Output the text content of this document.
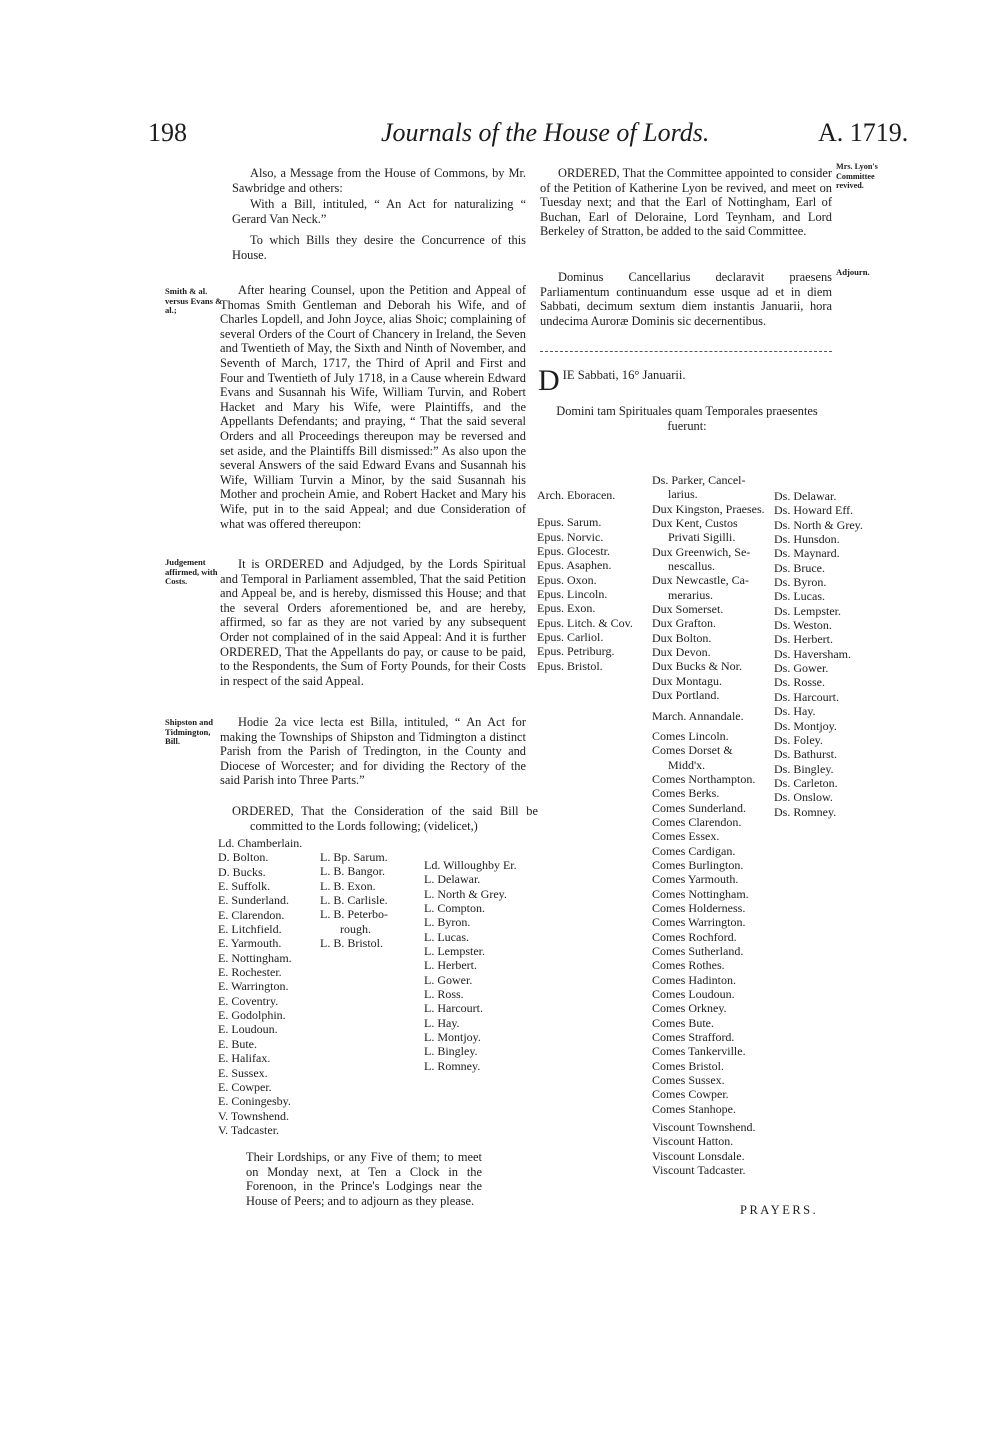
198	Journals of the House of Lords.	A. 1719.

Also, a Message from the House of Commons, by Mr. Sawbridge and others:

With a Bill, intituled, “ An Act for naturalizing “ Gerard Van Neck.”

To which Bills they desire the Concurrence of this House.

Smith & al. versus Evans & al.;

After hearing Counsel, upon the Petition and Appeal of Thomas Smith Gentleman and Deborah his Wife, and of Charles Lopdell, and John Joyce, alias Shoic; complaining of several Orders of the Court of Chancery in Ireland, the Seven and Twentieth of May, the Sixth and Ninth of November, and Seventh of March, 1717, the Third of April and First and Four and Twentieth of July 1718, in a Cause wherein Edward Evans and Susannah his Wife, William Turvin, and Robert Hacket and Mary his Wife, were Plaintiffs, and the Appellants Defendants; and praying, “ That the said several Orders and all Proceedings thereupon may be reversed and set aside, and the Plaintiffs Bill dismissed:” As also upon the several Answers of the said Edward Evans and Susannah his Wife, William Turvin a Minor, by the said Susannah his Mother and prochein Amie, and Robert Hacket and Mary his Wife, put in to the said Appeal; and due Consideration of what was offered thereupon:

Judgement affirmed, with Costs.

It is ORDERED and Adjudged, by the Lords Spiritual and Temporal in Parliament assembled, That the said Petition and Appeal be, and is hereby, dismissed this House; and that the several Orders aforementioned be, and are hereby, affirmed, so far as they are not varied by any subsequent Order not complained of in the said Appeal: And it is further ORDERED, That the Appellants do pay, or cause to be paid, to the Respondents, the Sum of Forty Pounds, for their Costs in respect of the said Appeal.

Shipston and Tidmington, Bill.

Hodie 2a vice lecta est Billa, intituled, “ An Act for making the Townships of Shipston and Tidmington a distinct Parish from the Parish of Tredington, in the County and Diocese of Worcester; and for dividing the Rectory of the said Parish into Three Parts.”

ORDERED, That the Consideration of the said Bill be committed to the Lords following; (videlicet,)

Ld. Chamberlain.
D. Bolton.
D. Bucks.
E. Suffolk.
E. Sunderland.
E. Clarendon.
E. Litchfield.
E. Yarmouth.
E. Nottingham.
E. Rochester.
E. Warrington.
E. Coventry.
E. Godolphin.
E. Loudoun.
E. Bute.
E. Halifax.
E. Sussex.
E. Cowper.
E. Coningesby.
V. Townshend.
V. Tadcaster.
L. Bp. Sarum.
L. B. Bangor.
L. B. Exon.
L. B. Carlisle.
L. B. Peterbo-
rough.
L. B. Bristol.
Ld. Willoughby Er.
L. Delawar.
L. North & Grey.
L. Compton.
L. Byron.
L. Lucas.
L. Lempster.
L. Herbert.
L. Gower.
L. Ross.
L. Harcourt.
L. Hay.
L. Montjoy.
L. Bingley.
L. Romney.

Their Lordships, or any Five of them; to meet on Monday next, at Ten a Clock in the Forenoon, in the Prince's Lodgings near the House of Peers; and to adjourn as they please.

ORDERED, That the Committee appointed to consider of the Petition of Katherine Lyon be revived, and meet on Tuesday next; and that the Earl of Nottingham, Earl of Buchan, Earl of Deloraine, Lord Teynham, and Lord Berkeley of Stratton, be added to the said Committee.

Mrs. Lyon's Committee revived.

Dominus Cancellarius declaravit praesens Parliamentum continuandum esse usque ad et in diem Sabbati, decimum sextum diem instantis Januarii, hora undecima Auroræ Dominis sic decernentibus.

Adjourn.
D IE Sabbati, 16° Januarii.

Domini tam Spirituales quam Temporales praesentes fuerunt:

Arch. Eboracen.
Epus. Sarum.
Epus. Norvic.
Epus. Glocestr.
Epus. Asaphen.
Epus. Oxon.
Epus. Lincoln.
Epus. Exon.
Epus. Litch. & Cov.
Epus. Carliol.
Epus. Petriburg.
Epus. Bristol.
Ds. Parker, Cancel-
larius.
Dux Kingston, Praeses.
Dux Kent, Custos
Privati Sigilli.
Dux Greenwich, Se-
nescallus.
Dux Newcastle, Ca-
merarius.
Dux Somerset.
Dux Grafton.
Dux Bolton.
Dux Devon.
Dux Bucks & Nor.
Dux Montagu.
Dux Portland.
March. Annandale.
Comes Lincoln.
Comes Dorset &
Midd'x.
Comes Northampton.
Comes Berks.
Comes Sunderland.
Comes Clarendon.
Comes Essex.
Comes Cardigan.
Comes Burlington.
Comes Yarmouth.
Comes Nottingham.
Comes Holderness.
Comes Warrington.
Comes Rochford.
Comes Sutherland.
Comes Rothes.
Comes Hadinton.
Comes Loudoun.
Comes Orkney.
Comes Bute.
Comes Strafford.
Comes Tankerville.
Comes Bristol.
Comes Sussex.
Comes Cowper.
Comes Stanhope.
Viscount Townshend.
Viscount Hatton.
Viscount Lonsdale.
Viscount Tadcaster.
Ds. Delawar.
Ds. Howard Eff.
Ds. North & Grey.
Ds. Hunsdon.
Ds. Maynard.
Ds. Bruce.
Ds. Byron.
Ds. Lucas.
Ds. Lempster.
Ds. Weston.
Ds. Herbert.
Ds. Haversham.
Ds. Gower.
Ds. Rosse.
Ds. Harcourt.
Ds. Hay.
Ds. Montjoy.
Ds. Foley.
Ds. Bathurst.
Ds. Bingley.
Ds. Carleton.
Ds. Onslow.
Ds. Romney.
PRAYERS.
